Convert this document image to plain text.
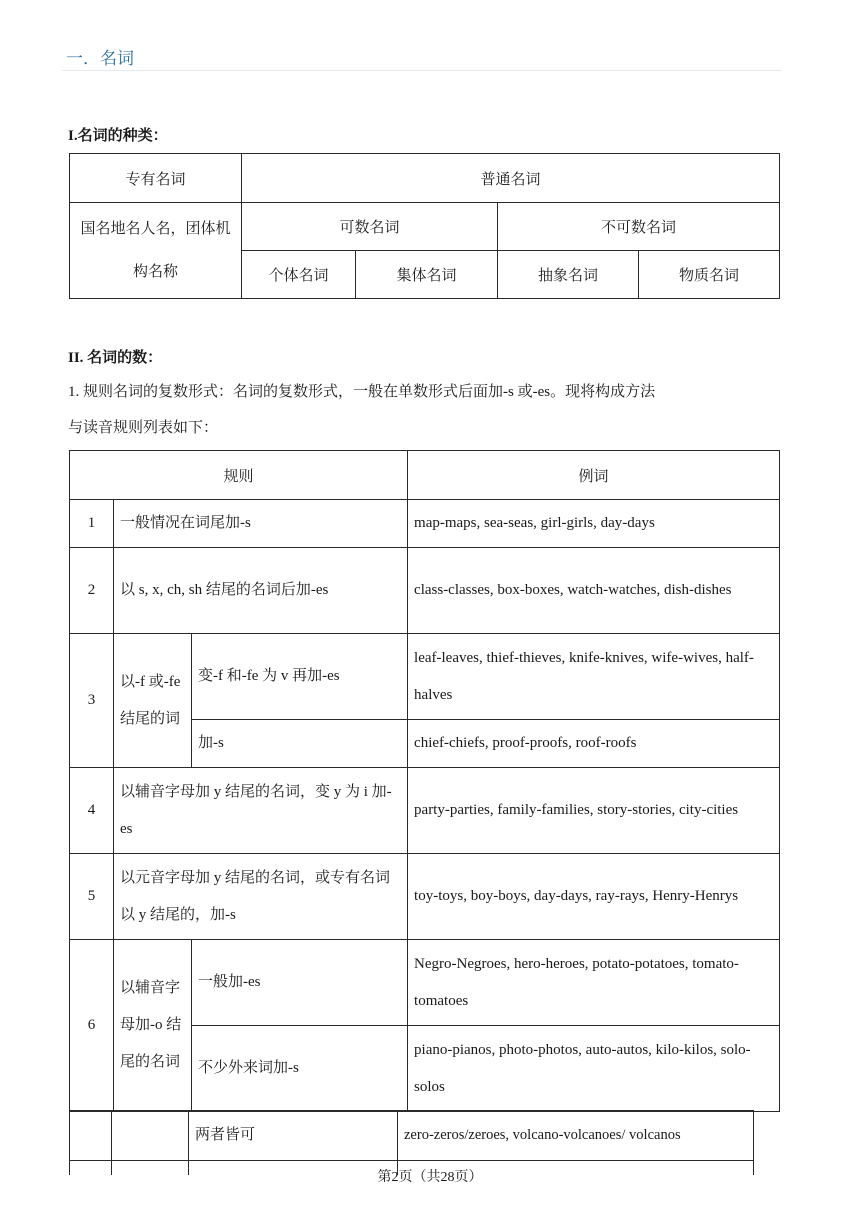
一．名词
I.名词的种类：
专有名词	普通名词			
国名地名人名，团体机构名称	可数名词		不可数名词	
	个体名词	集体名词	抽象名词	物质名词
II. 名词的数：
1. 规则名词的复数形式：名词的复数形式，一般在单数形式后面加-s 或-es。现将构成方法
与读音规则列表如下：
规则			例词
1	一般情况在词尾加-s		map-maps, sea-seas, girl-girls, day-days
2	以 s, x, ch, sh 结尾的名词后加-es		class-classes, box-boxes, watch-watches, dish-dishes
3	以-f 或-fe 结尾的词	变-f 和-fe 为 v 再加-es	leaf-leaves, thief-thieves, knife-knives, wife-wives, half-halves
		加-s	chief-chiefs, proof-proofs, roof-roofs
4	以辅音字母加 y 结尾的名词，变 y 为 i 加-es		party-parties, family-families, story-stories, city-cities
5	以元音字母加 y 结尾的名词，或专有名词以 y 结尾的，加-s		toy-toys, boy-boys, day-days, ray-rays, Henry-Henrys
6	以辅音字母加-o 结尾的名词	一般加-es	Negro-Negroes, hero-heroes, potato-potatoes, tomato-tomatoes
		不少外来词加-s	piano-pianos, photo-photos, auto-autos, kilo-kilos, solo-solos
		两者皆可	zero-zeros/zeroes, volcano-volcanoes/ volcanos

第2页（共28页）
